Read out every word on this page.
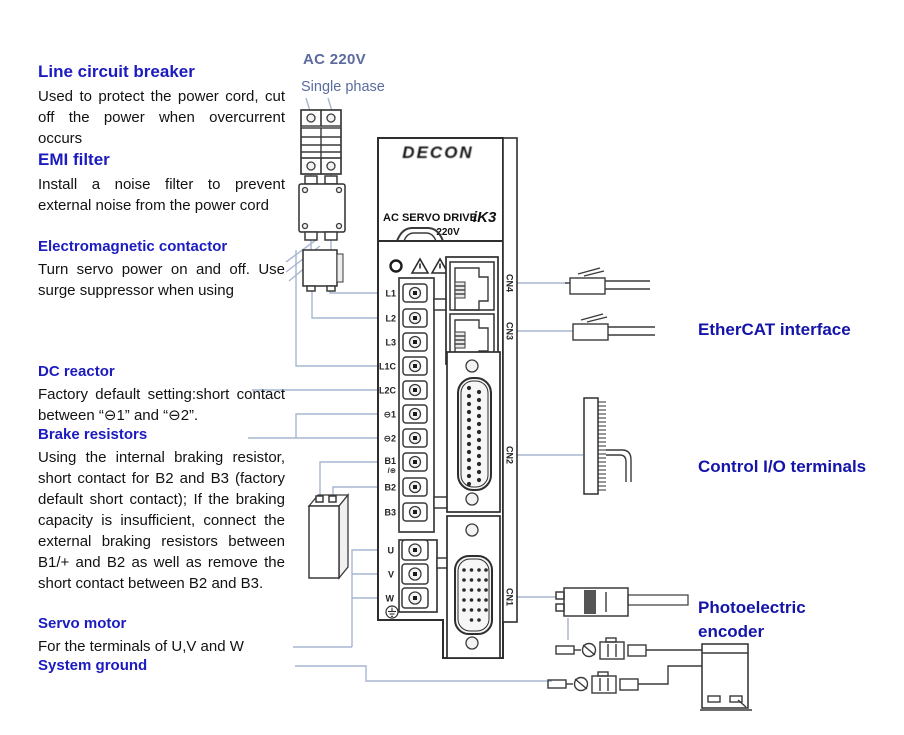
DECON
AC SERVO DRIVE
iK3
220V
L1
L2
L3
L1C
L2C
⊖1
⊖2
B1
/⊕
B2
B3
U
V
W
CN4
CN3
CN2
CN1
AC 220V
Single phase
Line circuit breaker
Used to protect the power cord, cut off the power when overcurrent occurs
EMI filter
Install a noise filter to prevent external noise from the power cord
Electromagnetic contactor
Turn servo power on and off. Use surge suppressor when using
DC reactor
Factory default setting:short contact between “⊖1” and “⊖2”.
Brake resistors
Using the internal braking resistor, short contact for B2 and B3 (factory default short contact); If the braking capacity is insufficient, connect the external braking resistors between B1/+ and B2 as well as remove the short contact between B2 and B3.
Servo motor
For the terminals of U,V and W
System ground
EtherCAT interface
Control I/O terminals
Photoelectric encoder
